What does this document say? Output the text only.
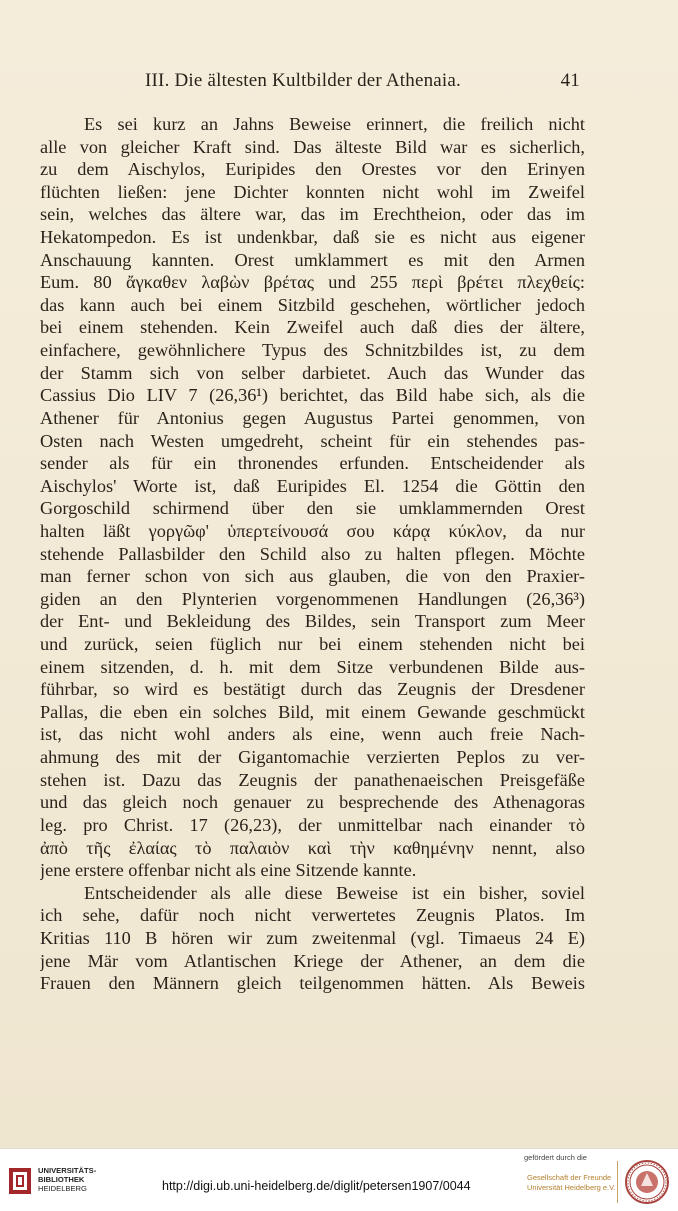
III. Die ältesten Kultbilder der Athenaia.	41
Es sei kurz an Jahns Beweise erinnert, die freilich nicht
alle von gleicher Kraft sind. Das älteste Bild war es sicherlich,
zu dem Aischylos, Euripides den Orestes vor den Erinyen
flüchten ließen: jene Dichter konnten nicht wohl im Zweifel
sein, welches das ältere war, das im Erechtheion, oder das im
Hekatompedon. Es ist undenkbar, daß sie es nicht aus eigener
Anschauung kannten. Orest umklammert es mit den Armen
Eum. 80 ἄγκαθεν λαβὼν βρέτας und 255 περὶ βρέτει πλεχθείς:
das kann auch bei einem Sitzbild geschehen, wörtlicher jedoch
bei einem stehenden. Kein Zweifel auch daß dies der ältere,
einfachere, gewöhnlichere Typus des Schnitzbildes ist, zu dem
der Stamm sich von selber darbietet. Auch das Wunder das
Cassius Dio LIV 7 (26,36¹) berichtet, das Bild habe sich, als die
Athener für Antonius gegen Augustus Partei genommen, von
Osten nach Westen umgedreht, scheint für ein stehendes pas-
sender als für ein thronendes erfunden. Entscheidender als
Aischylos' Worte ist, daß Euripides El. 1254 die Göttin den
Gorgoschild schirmend über den sie umklammernden Orest
halten läßt γοργῶφ' ὑπερτείνουσά σου κάρᾳ κύκλον, da nur
stehende Pallasbilder den Schild also zu halten pflegen. Möchte
man ferner schon von sich aus glauben, die von den Praxier-
giden an den Plynterien vorgenommenen Handlungen (26,36³)
der Ent- und Bekleidung des Bildes, sein Transport zum Meer
und zurück, seien füglich nur bei einem stehenden nicht bei
einem sitzenden, d. h. mit dem Sitze verbundenen Bilde aus-
führbar, so wird es bestätigt durch das Zeugnis der Dresdener
Pallas, die eben ein solches Bild, mit einem Gewande geschmückt
ist, das nicht wohl anders als eine, wenn auch freie Nach-
ahmung des mit der Gigantomachie verzierten Peplos zu ver-
stehen ist. Dazu das Zeugnis der panathenaeischen Preisgefäße
und das gleich noch genauer zu besprechende des Athenagoras
leg. pro Christ. 17 (26,23), der unmittelbar nach einander τὸ
ἀπὸ τῆς ἐλαίας τὸ παλαιὸν καὶ τὴν καθημένην nennt, also
jene erstere offenbar nicht als eine Sitzende kannte.
Entscheidender als alle diese Beweise ist ein bisher, soviel
ich sehe, dafür noch nicht verwertetes Zeugnis Platos. Im
Kritias 110 B hören wir zum zweitenmal (vgl. Timaeus 24 E)
jene Mär vom Atlantischen Kriege der Athener, an dem die
Frauen den Männern gleich teilgenommen hätten. Als Beweis
UNIVERSITÄTS-
BIBLIOTHEK
HEIDELBERG	http://digi.ub.uni-heidelberg.de/diglit/petersen1907/0044
gefördert durch die
Gesellschaft der Freunde
Universität Heidelberg e.V.
